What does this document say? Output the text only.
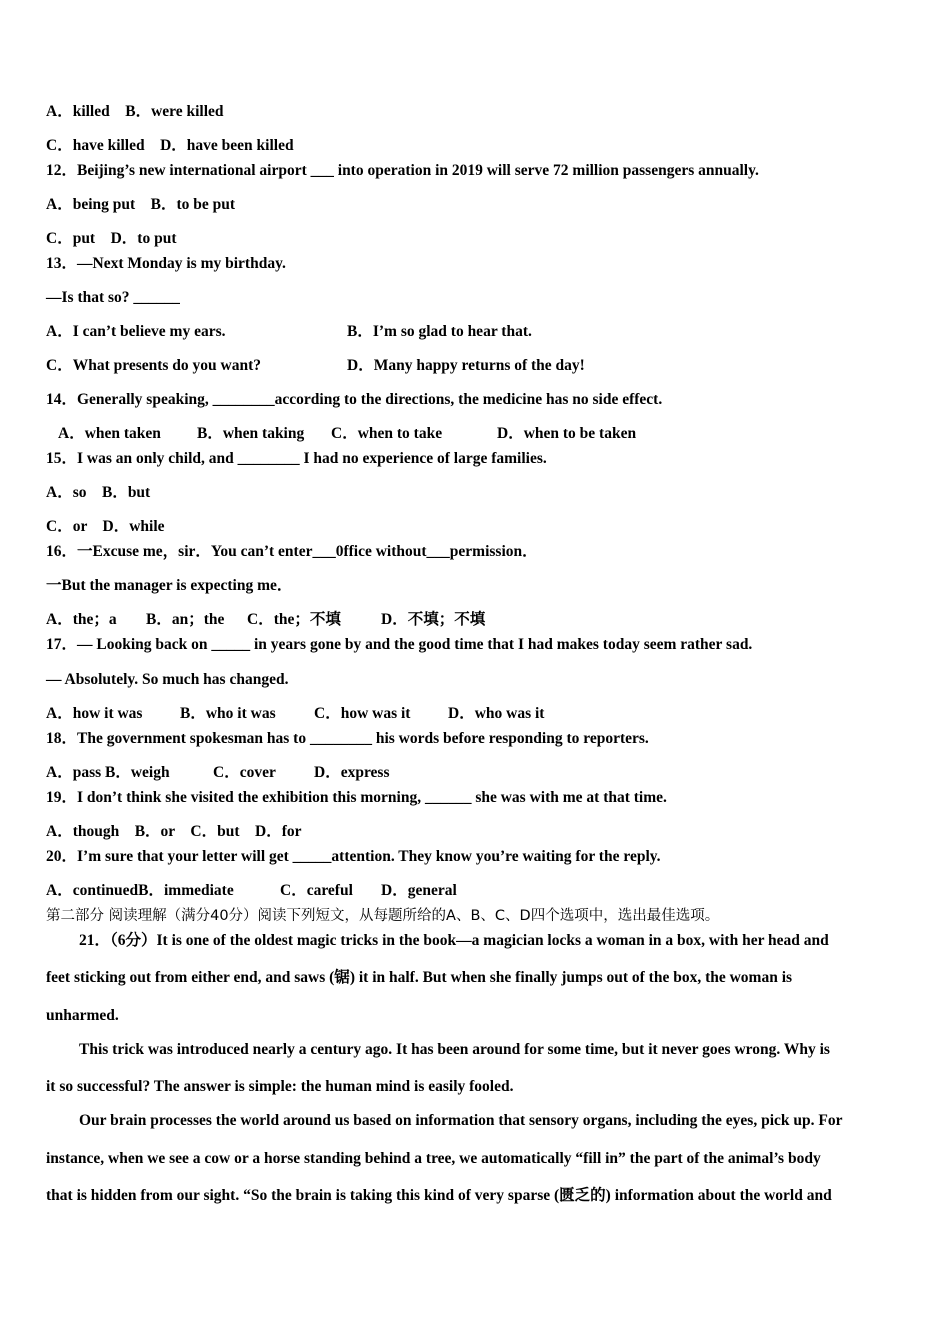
A．killed　B．were killed
C．have killed　D．have been killed
12．Beijing’s new international airport ___ into operation in 2019 will serve 72 million passengers annually.
A．being put　B．to be put
C．put　D．to put
13．—Next Monday is my birthday.
—Is that so? ______
A．I can’t believe my ears.	B．I’m so glad to hear that.
C．What presents do you want?	D．Many happy returns of the day!
14．Generally speaking, ________according to the directions, the medicine has no side effect.
A．when taken B．when taking C．when to take	D．when to be taken
15．I was an only child, and ________ I had no experience of large families.
A．so　B．but
C．or　D．while
16．一Excuse me，sir．You can’t enter___0ffice without___permission．
一But the manager is expecting me．
A．the；a B．an；the C．the；不填	D．不填；不填
17．— Looking back on _____ in years gone by and the good time that I had makes today seem rather sad.
— Absolutely. So much has changed.
A．how it was B．who it was C．how was it D．who was it
18．The government spokesman has to ________ his words before responding to reporters.
A．pass B．weigh	C．cover D．express
19．I don’t think she visited the exhibition this morning, ______ she was with me at that time.
A．though　B．or　C．but　D．for
20．I’m sure that your letter will get _____attention. They know you’re waiting for the reply.
A．continuedB．immediate	C．careful D．general
第二部分 阅读理解（满分40分）阅读下列短文，从每题所给的A、B、C、D四个选项中，选出最佳选项。
21．（6分）It is one of the oldest magic tricks in the book—a magician locks a woman in a box, with her head and
feet sticking out from either end, and saws (锯) it in half. But when she finally jumps out of the box, the woman is
unharmed.
This trick was introduced nearly a century ago. It has been around for some time, but it never goes wrong. Why is
it so successful? The answer is simple: the human mind is easily fooled.
Our brain processes the world around us based on information that sensory organs, including the eyes, pick up. For
instance, when we see a cow or a horse standing behind a tree, we automatically “fill in” the part of the animal’s body
that is hidden from our sight. “So the brain is taking this kind of very sparse (匮乏的) information about the world and
